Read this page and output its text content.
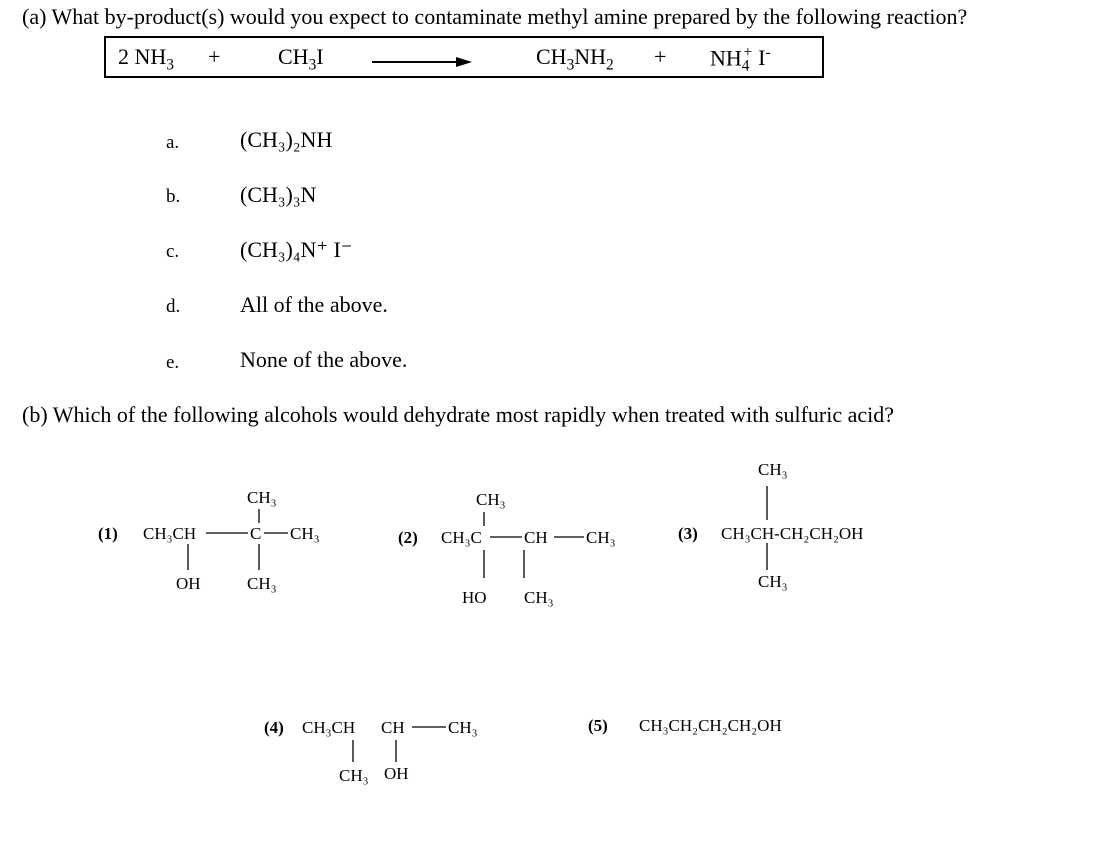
(a) What by-product(s) would you expect to contaminate methyl amine prepared by the following reaction?
2 $NH_3$ +	$CH_3I$	$CH_3NH_2 + NH_4^+$ I-
a.	(CH₃)₂NH
b.	(CH₃)₃N
c.	(CH₃)₄N⁺ I⁻
d.	All of the above.
e.	None of the above.
(b) Which of the following alcohols would dehydrate most rapidly when treated with sulfuric acid?
(1) CH₃CH	C CH₃
CH₃
OH	CH₃
(2) CH₃C CH CH₃
CH₃
HO CH₃
(3) CH₃CH-CH₂CH₂OH
CH₃
CH₃
(4) CH₃CH CH	CH₃
CH₃ OH
(5) CH₃CH₂CH₂CH₂OH
